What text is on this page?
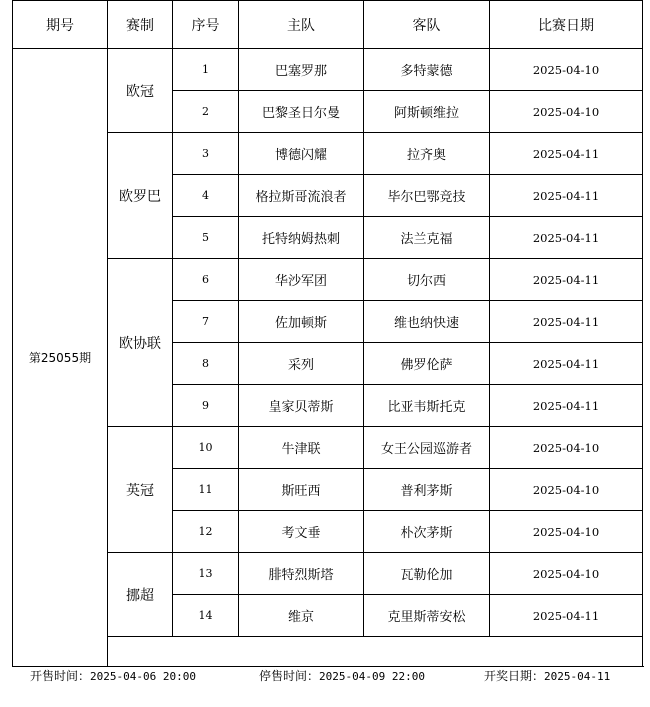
期号	赛制	序号	主队	客队	比赛日期
第25055期	欧冠	1	巴塞罗那	多特蒙德	2025-04-10
		2	巴黎圣日尔曼	阿斯顿维拉	2025-04-10
	欧罗巴	3	博德闪耀	拉齐奥	2025-04-11
		4	格拉斯哥流浪者	毕尔巴鄂竞技	2025-04-11
		5	托特纳姆热刺	法兰克福	2025-04-11
	欧协联	6	华沙军团	切尔西	2025-04-11
		7	佐加顿斯	维也纳快速	2025-04-11
		8	采列	佛罗伦萨	2025-04-11
		9	皇家贝蒂斯	比亚韦斯托克	2025-04-11
	英冠	10	牛津联	女王公园巡游者	2025-04-10
		11	斯旺西	普利茅斯	2025-04-10
		12	考文垂	朴次茅斯	2025-04-10
	挪超	13	腓特烈斯塔	瓦勒伦加	2025-04-10
		14	维京	克里斯蒂安松	2025-04-11

开售时间：2025-04-06 20:00	停售时间：2025-04-09 22:00	开奖日期：2025-04-11
